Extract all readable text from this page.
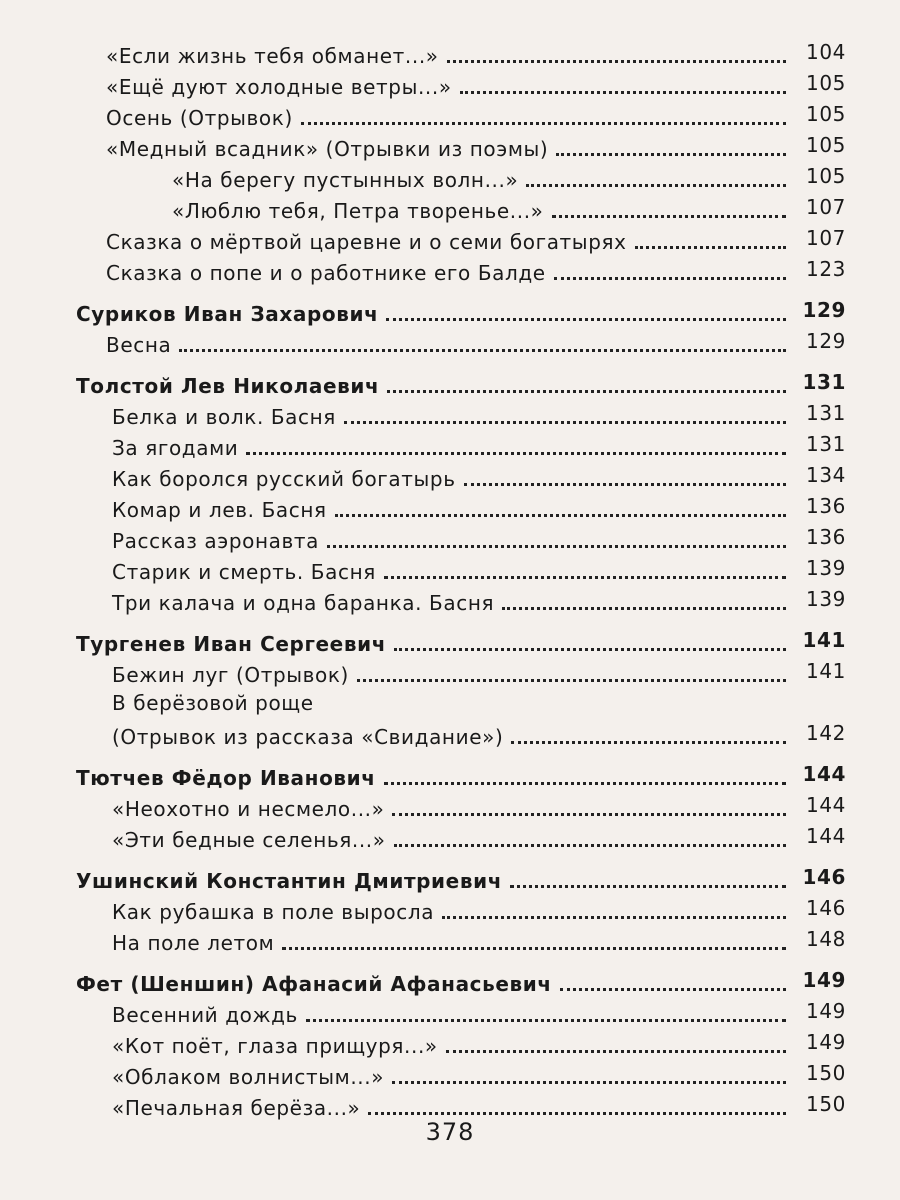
«Если жизнь тебя обманет...»	104
«Ещё дуют холодные ветры...»	105
Осень (Отрывок)	105
«Медный всадник» (Отрывки из поэмы)	105
«На берегу пустынных волн...»	105
«Люблю тебя, Петра творенье...»	107
Сказка о мёртвой царевне и о семи богатырях	107
Сказка о попе и о работнике его Балде	123
Суриков Иван Захарович	129
Весна	129
Толстой Лев Николаевич	131
Белка и волк. Басня	131
За ягодами	131
Как боролся русский богатырь	134
Комар и лев. Басня	136
Рассказ аэронавта	136
Старик и смерть. Басня	139
Три калача и одна баранка. Басня	139
Тургенев Иван Сергеевич	141
Бежин луг (Отрывок)	141
В берёзовой роще
(Отрывок из рассказа «Свидание»)	142
Тютчев Фёдор Иванович	144
«Неохотно и несмело...»	144
«Эти бедные селенья...»	144
Ушинский Константин Дмитриевич	146
Как рубашка в поле выросла	146
На поле летом	148
Фет (Шеншин) Афанасий Афанасьевич	149
Весенний дождь	149
«Кот поёт, глаза прищуря...»	149
«Облаком волнистым...»	150
«Печальная берёза...»	150
378
